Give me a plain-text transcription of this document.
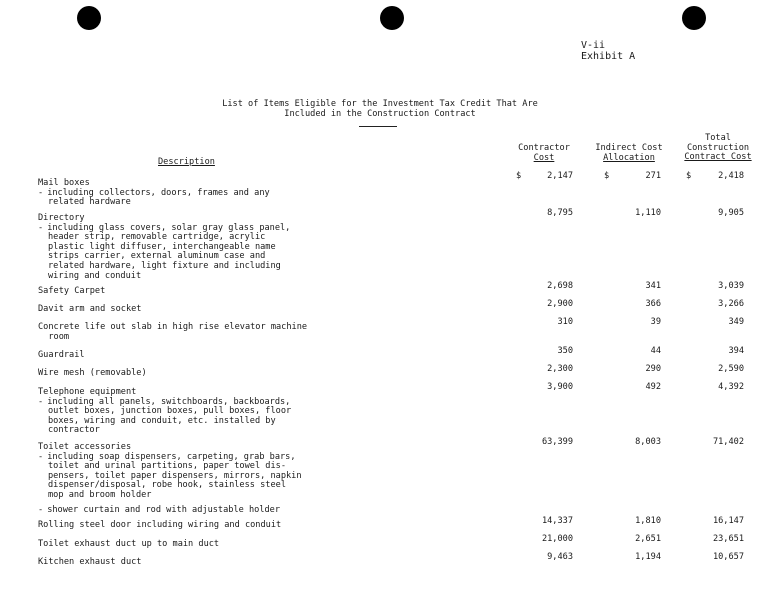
V-ii
Exhibit A
List of Items Eligible for the Investment Tax Credit That Are
Included in the Construction Contract
Description
Contractor
Cost
Indirect Cost
Allocation
Total
Construction
Contract Cost
$	$	$
Mail boxes
- including collectors, doors, frames and any
related hardware
2,147	271	2,418
Directory
- including glass covers, solar gray glass panel,
header strip, removable cartridge, acrylic
plastic light diffuser, interchangeable name
strips carrier, external aluminum case and
related hardware, light fixture and including
wiring and conduit
8,795	1,110	9,905
Safety Carpet	2,698	341	3,039
Davit arm and socket	2,900	366	3,266
Concrete life out slab in high rise elevator machine
room
310	39	349
Guardrail	350	44	394
Wire mesh (removable)	2,300	290	2,590
Telephone equipment
- including all panels, switchboards, backboards,
outlet boxes, junction boxes, pull boxes, floor
boxes, wiring and conduit, etc. installed by
contractor
3,900	492	4,392
Toilet accessories
- including soap dispensers, carpeting, grab bars,
toilet and urinal partitions, paper towel dis-
pensers, toilet paper dispensers, mirrors, napkin
dispenser/disposal, robe hook, stainless steel
mop and broom holder
- shower curtain and rod with adjustable holder
63,399	8,003	71,402
Rolling steel door including wiring and conduit	14,337	1,810	16,147
Toilet exhaust duct up to main duct	21,000	2,651	23,651
Kitchen exhaust duct	9,463	1,194	10,657
